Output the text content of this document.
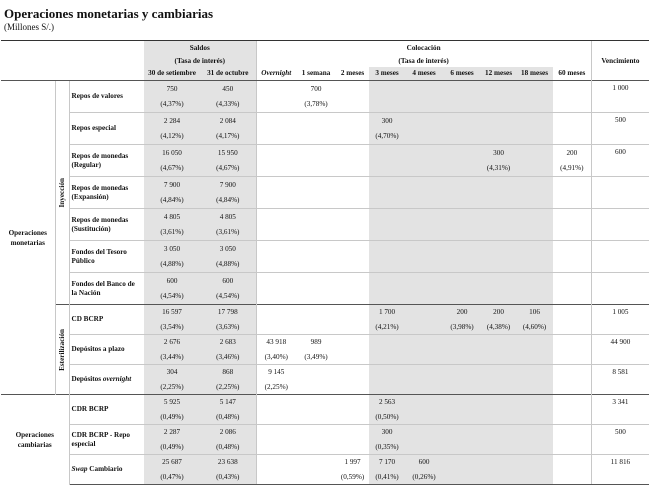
Operaciones monetarias y cambiarias
(Millones S/.)
			Saldos		Colocación									Vencimiento
			(Tasa de interés)		(Tasa de interés)									
			30 de setiembre	31 de octubre	Overnight	1 semana	2 meses	3 meses	4 meses	6 meses	12 meses	18 meses	60 meses	
Operaciones monetarias	Inyección	Repos de valores	750	450		700								1 000
			(4,37%)	(4,33%)		(3,78%)								
		Repos especial	2 284	2 084				300						500
			(4,12%)	(4,17%)				(4,70%)						
		Repos de monedas (Regular)	16 050	15 950							300		200	600
			(4,67%)	(4,67%)							(4,31%)		(4,91%)	
		Repos de monedas (Expansión)	7 900	7 900										
			(4,84%)	(4,84%)										
		Repos de monedas (Sustitución)	4 805	4 805										
			(3,61%)	(3,61%)										
		Fondos del Tesoro Público	3 050	3 050										
			(4,88%)	(4,88%)										
		Fondos del Banco de la Nación	600	600										
			(4,54%)	(4,54%)										

	Esterilización	CD BCRP	16 597	17 798				1 700		200	200	106		1 005
			(3,54%)	(3,63%)				(4,21%)		(3,98%)	(4,38%)	(4,60%)		
		Depósitos a plazo	2 676	2 683	43 918	989								44 900
			(3,44%)	(3,46%)	(3,40%)	(3,49%)								
		Depósitos overnight	304	868	9 145									8 581
			(2,25%)	(2,25%)	(2,25%)									
Operaciones cambiarias		CDR BCRP	5 925	5 147				2 563						3 341
			(0,49%)	(0,48%)				(0,50%)						
		CDR BCRP - Repo especial	2 287	2 086				300						500
			(0,49%)	(0,48%)				(0,35%)						
		Swap Cambiario	25 687	23 638			1 997	7 170	600					11 816
			(0,47%)	(0,43%)			(0,59%)	(0,41%)	(0,26%)					
